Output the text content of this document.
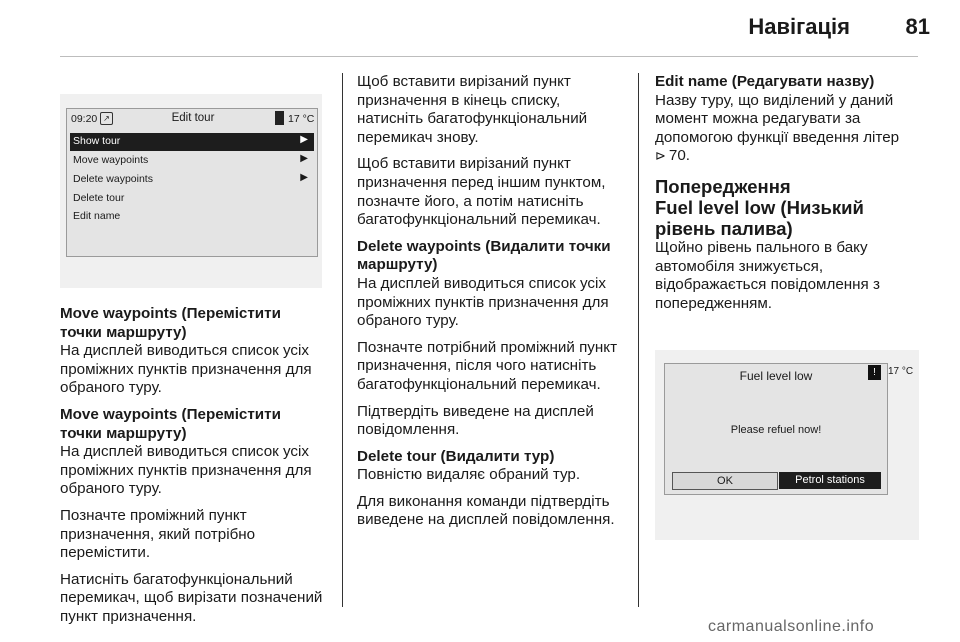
Навігація	81
09:20 ↗	Edit tour	17 °C
Show tour	▶
Move waypoints	▶
Delete waypoints	▶
Delete tour
Edit name
Move waypoints (Перемістити точки маршруту)

На дисплей виводиться список усіх проміжних пунктів призначення для обраного туру.

Move waypoints (Перемістити точки маршруту)

На дисплей виводиться список усіх проміжних пунктів призначення для обраного туру.

Позначте проміжний пункт призначення, який потрібно перемістити.

Натисніть багатофункціональний перемикач, щоб вирізати позначений пункт призначення.

Щоб вставити вирізаний пункт призначення в кінець списку, натисніть багатофункціональний перемикач знову.

Щоб вставити вирізаний пункт призначення перед іншим пунктом, позначте його, а потім натисніть багатофункціональний перемикач.

Delete waypoints (Видалити точки маршруту)

На дисплей виводиться список усіх проміжних пунктів призначення для обраного туру.

Позначте потрібний проміжний пункт призначення, після чого натисніть багатофункціональний перемикач.

Підтвердіть виведене на дисплей повідомлення.

Delete tour (Видалити тур)

Повністю видаляє обраний тур.

Для виконання команди підтвердіть виведене на дисплей повідомлення.

Edit name (Редагувати назву)

Назву туру, що виділений у даний момент можна редагувати за допомогою функції введення літер
⊳ 70.

Попередження
Fuel level low (Низький рівень палива)

Щойно рівень пального в баку автомобіля знижується, відображається повідомлення з попередженням.

Fuel level low
Please refuel now!
OK	Petrol stations
!	17 °C
carmanualsonline.info
